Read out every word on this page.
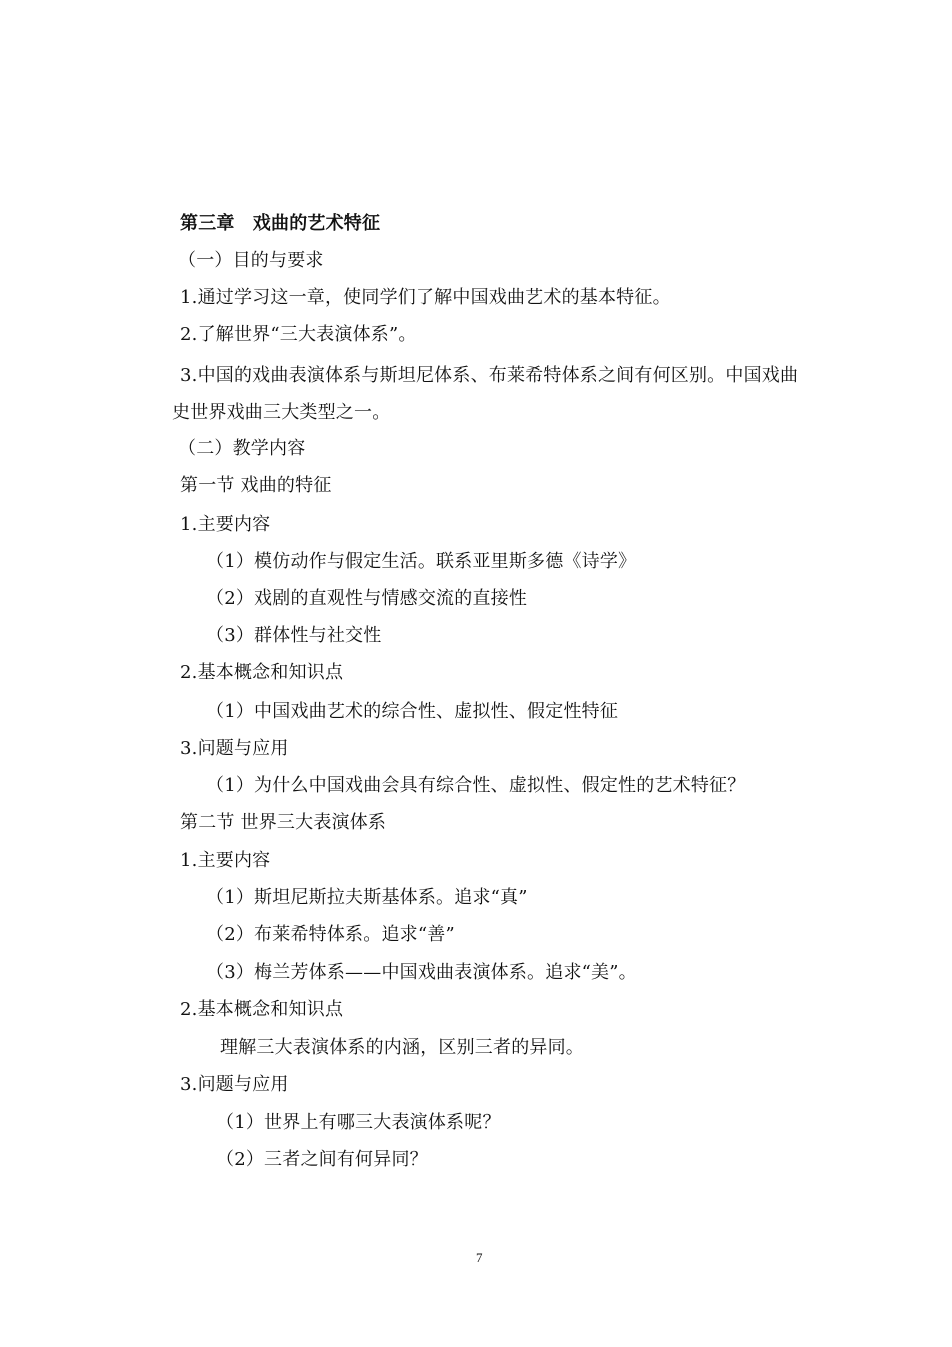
第三章　戏曲的艺术特征
（一）目的与要求
1.通过学习这一章，使同学们了解中国戏曲艺术的基本特征。
2.了解世界“三大表演体系”。
3.中国的戏曲表演体系与斯坦尼体系、布莱希特体系之间有何区别。中国戏曲
史世界戏曲三大类型之一。
（二）教学内容
第一节 戏曲的特征
1.主要内容
（1）模仿动作与假定生活。联系亚里斯多德《诗学》
（2）戏剧的直观性与情感交流的直接性
（3）群体性与社交性
2.基本概念和知识点
（1）中国戏曲艺术的综合性、虚拟性、假定性特征
3.问题与应用
（1）为什么中国戏曲会具有综合性、虚拟性、假定性的艺术特征？
第二节 世界三大表演体系
1.主要内容
（1）斯坦尼斯拉夫斯基体系。追求“真”
（2）布莱希特体系。追求“善”
（3）梅兰芳体系——中国戏曲表演体系。追求“美”。
2.基本概念和知识点
理解三大表演体系的内涵，区别三者的异同。
3.问题与应用
（1）世界上有哪三大表演体系呢？
（2）三者之间有何异同？
7
